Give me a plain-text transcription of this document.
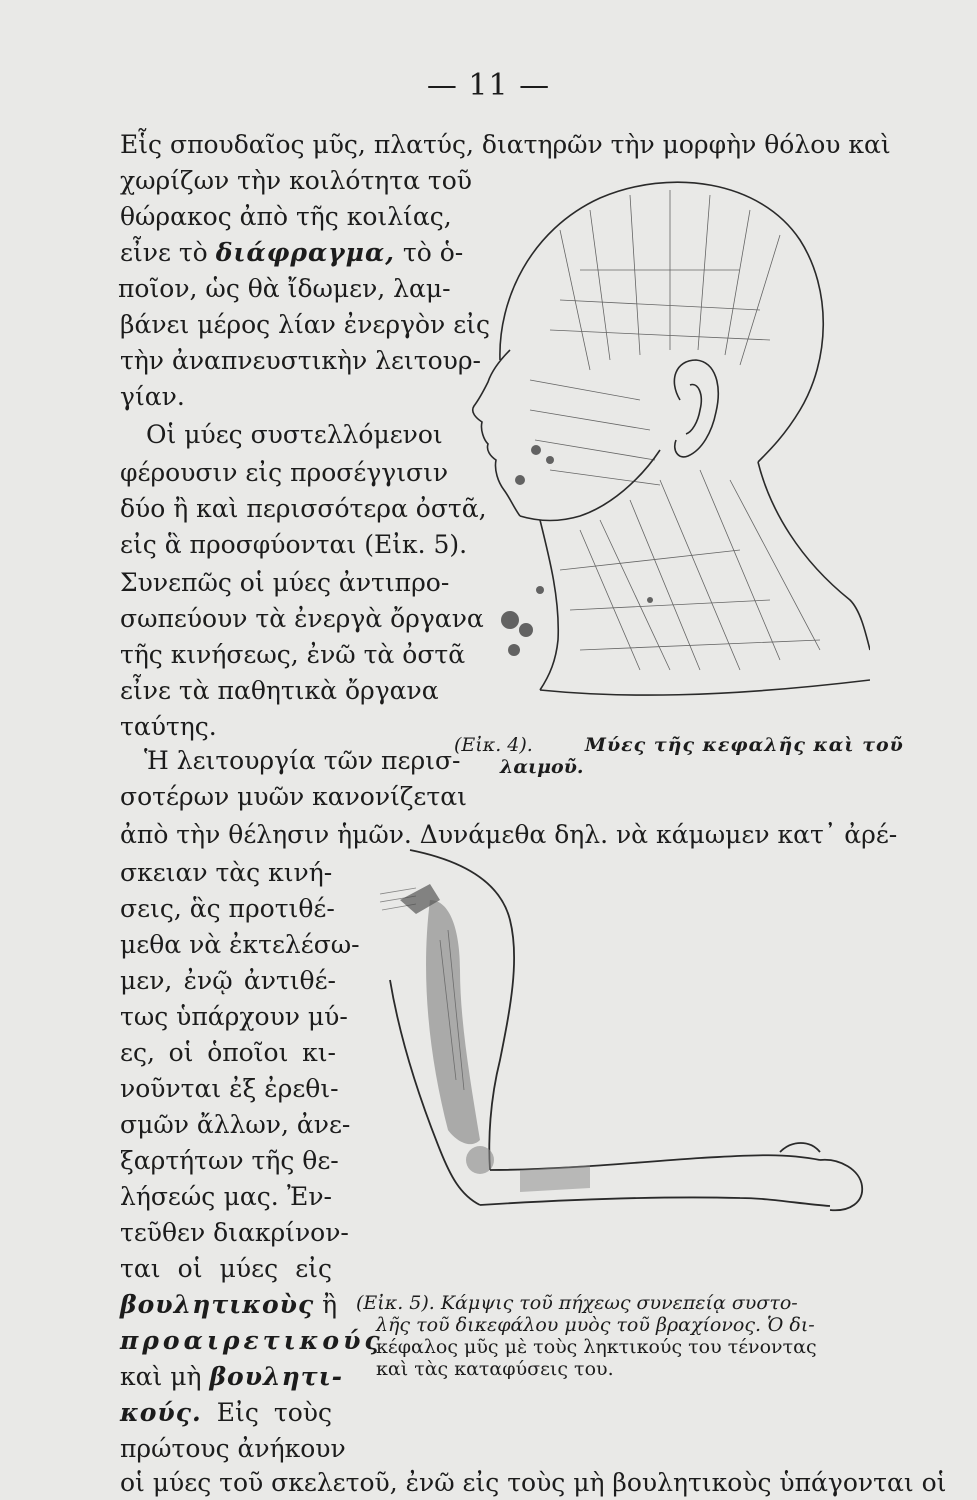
— 11 —
Εἷς σπουδαῖος μῦς, πλατύς, διατηρῶν τὴν μορφὴν θόλου καὶ
χωρίζων τὴν κοιλότητα τοῦ
θώρακος ἀπὸ τῆς κοιλίας,
εἶνε τὸ διάφραγμα, τὸ ὁ-
ποῖον, ὡς θὰ ἴδωμεν, λαμ-
βάνει μέρος λίαν ἐνεργὸν εἰς
τὴν ἀναπνευστικὴν λειτουρ-
γίαν.
Οἱ μύες συστελλόμενοι
φέρουσιν εἰς προσέγγισιν
δύο ἢ καὶ περισσότερα ὀστᾶ,
εἰς ἃ προσφύονται (Εἰκ. 5).
Συνεπῶς οἱ μύες ἀντιπρο-
σωπεύουν τὰ ἐνεργὰ ὄργανα
τῆς κινήσεως, ἐνῶ τὰ ὀστᾶ
εἶνε τὰ παθητικὰ ὄργανα
ταύτης.
Ἡ λειτουργία τῶν περισ-
σοτέρων μυῶν κανονίζεται
ἀπὸ τὴν θέλησιν ἡμῶν. Δυνάμεθα δηλ. νὰ κάμωμεν κατ᾿ ἀρέ-
σκειαν τὰς κινή-
σεις, ἃς προτιθέ-
μεθα νὰ ἐκτελέσω-
μεν, ἐνῷ ἀντιθέ-
τως ὑπάρχουν μύ-
ες, οἱ ὁποῖοι κι-
νοῦνται ἐξ ἐρεθι-
σμῶν ἄλλων, ἀνε-
ξαρτήτων τῆς θε-
λήσεώς μας. Ἐν-
τεῦθεν διακρίνον-
ται οἱ μύες εἰς
βουλητικοὺς ἢ
προαιρετικούς
καὶ μὴ βουλητι-
κούς. Εἰς τοὺς
πρώτους ἀνήκουν
οἱ μύες τοῦ σκελετοῦ, ἐνῶ εἰς τοὺς μὴ βουλητικοὺς ὑπάγονται οἱ
(Εἰκ. 4).	Μύες τῆς κεφαλῆς καὶ τοῦ
λαιμοῦ.
(Εἰκ. 5). Κάμψις τοῦ πήχεως συνεπείᾳ συστο-
λῆς τοῦ δικεφάλου μυὸς τοῦ βραχίονος. Ὁ δι-
κέφαλος μῦς μὲ τοὺς ληκτικούς του τένοντας
καὶ τὰς καταφύσεις του.
